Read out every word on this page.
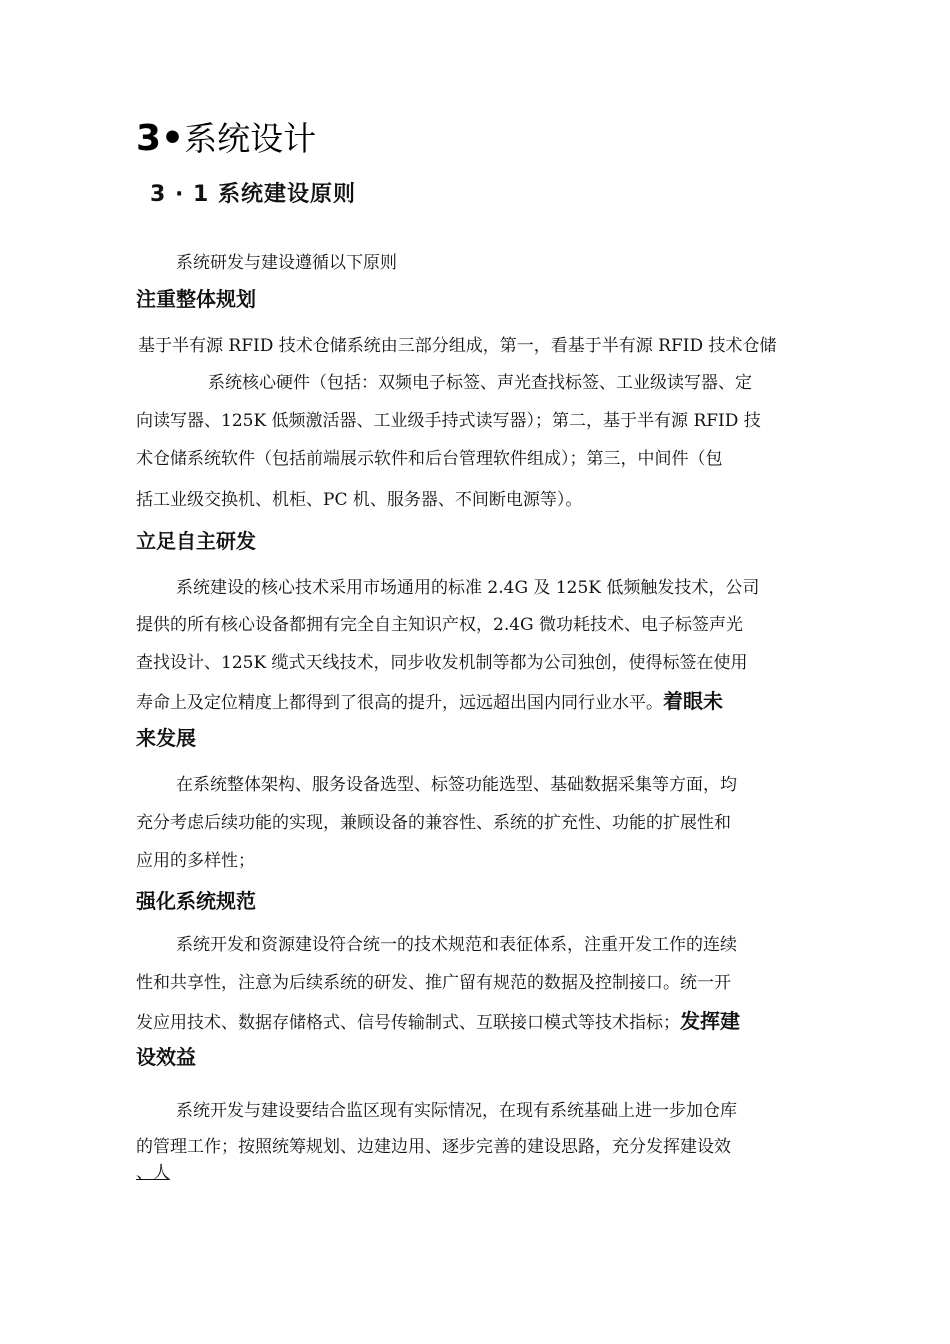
3•系统设计
3 · 1 系统建设原则
系统研发与建设遵循以下原则
注重整体规划
基于半有源 RFID 技术仓储系统由三部分组成，第一，看基于半有源 RFID 技术仓储
系统核心硬件（包括：双频电子标签、声光查找标签、工业级读写器、定
向读写器、125K 低频激活器、工业级手持式读写器）；第二，基于半有源 RFID 技
术仓储系统软件（包括前端展示软件和后台管理软件组成）；第三，中间件（包
括工业级交换机、机柜、PC 机、服务器、不间断电源等）。
立足自主研发
系统建设的核心技术采用市场通用的标准 2.4G 及 125K 低频触发技术，公司
提供的所有核心设备都拥有完全自主知识产权，2.4G 微功耗技术、电子标签声光
查找设计、125K 缆式天线技术，同步收发机制等都为公司独创，使得标签在使用
寿命上及定位精度上都得到了很高的提升，远远超出国内同行业水平。着眼未
来发展
在系统整体架构、服务设备选型、标签功能选型、基础数据采集等方面，均
充分考虑后续功能的实现，兼顾设备的兼容性、系统的扩充性、功能的扩展性和
应用的多样性；
强化系统规范
系统开发和资源建设符合统一的技术规范和表征体系，注重开发工作的连续
性和共享性，注意为后续系统的研发、推广留有规范的数据及控制接口。统一开
发应用技术、数据存储格式、信号传输制式、互联接口模式等技术指标；发挥建
设效益
系统开发与建设要结合监区现有实际情况，在现有系统基础上进一步加仓库
的管理工作；按照统筹规划、边建边用、逐步完善的建设思路，充分发挥建设效
、人
